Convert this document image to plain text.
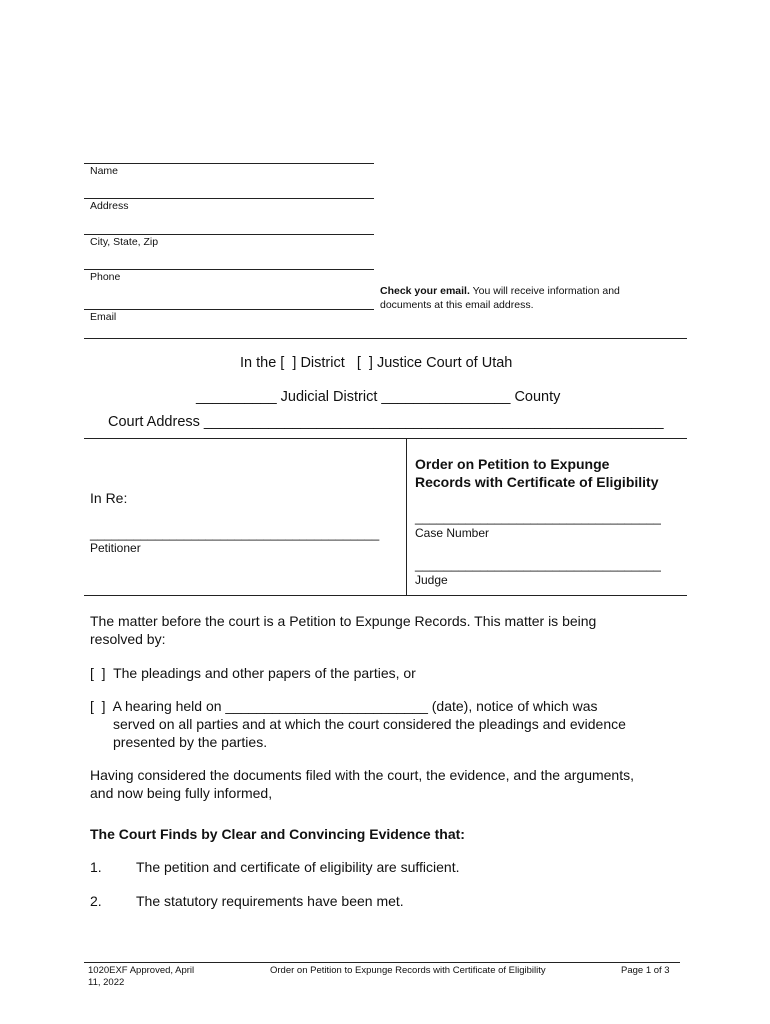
Name
Address
City, State, Zip
Phone
Email
Check your email. You will receive information and
documents at this email address.
In the [  ] District   [  ] Justice Court of Utah
__________ Judicial District ________________ County
Court Address _________________________________________________________
In Re:
________________________________________
Petitioner
Order on Petition to Expunge
Records with Certificate of Eligibility
__________________________________
Case Number
__________________________________
Judge
The matter before the court is a Petition to Expunge Records. This matter is being
resolved by:
[  ]  The pleadings and other papers of the parties, or
[  ]  A hearing held on __________________________ (date), notice of which was
served on all parties and at which the court considered the pleadings and evidence
presented by the parties.
Having considered the documents filed with the court, the evidence, and the arguments,
and now being fully informed,
The Court Finds by Clear and Convincing Evidence that:
1. The petition and certificate of eligibility are sufficient.
2. The statutory requirements have been met.
1020EXF Approved, April
11, 2022
Order on Petition to Expunge Records with Certificate of Eligibility	Page 1 of 3
